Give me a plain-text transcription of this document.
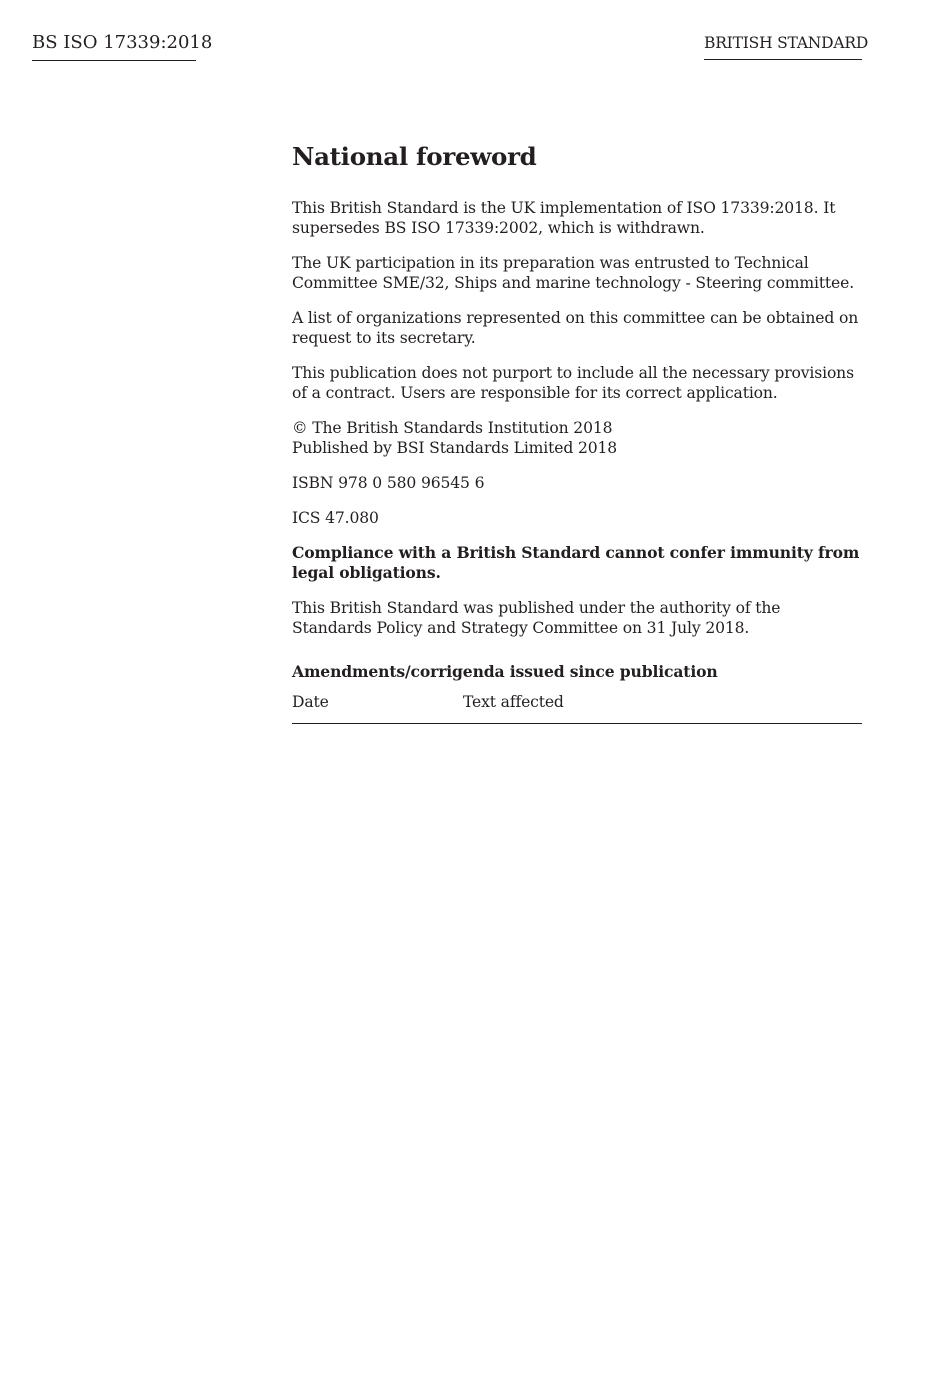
BS ISO 17339:2018	BRITISH STANDARD
National foreword

This British Standard is the UK implementation of ISO 17339:2018. It
supersedes BS ISO 17339:2002, which is withdrawn.

The UK participation in its preparation was entrusted to Technical
Committee SME/32, Ships and marine technology - Steering committee.

A list of organizations represented on this committee can be obtained on
request to its secretary.

This publication does not purport to include all the necessary provisions
of a contract. Users are responsible for its correct application.

© The British Standards Institution 2018
Published by BSI Standards Limited 2018

ISBN 978 0 580 96545 6

ICS 47.080

Compliance with a British Standard cannot confer immunity from
legal obligations.

This British Standard was published under the authority of the
Standards Policy and Strategy Committee on 31 July 2018.

Amendments/corrigenda issued since publication
Date	Text affected
